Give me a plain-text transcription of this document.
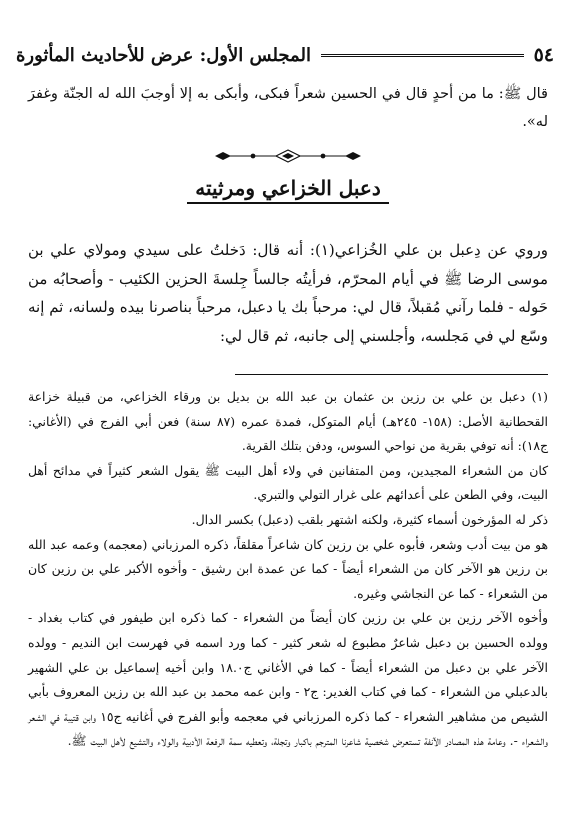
٥٤
المجلس الأول: عرض للأحاديث المأثورة
قال ﷺ: ما من أحدٍ قال في الحسين شعراً فبكى، وأبكى به إلا أوجبَ الله له الجنّة وغفرَ له».
دعبل الخزاعي ومرثيته
وروي عن دِعبل بن علي الخُزاعي(١): أنه قال: دَخلتُ على سيدي ومولاي علي بن موسى الرضا ﷺ في أيام المحرّم، فرأيتُه جالساً جِلسةَ الحزين الكئيب - وأصحابُه من حَوله - فلما رآني مُقبلاً، قال لي: مرحباً بك يا دعبل، مرحباً بناصرنا بيده ولسانه، ثم إنه وسّع لي في مَجلسه، وأجلسني إلى جانبه، ثم قال لي:

(١) دعبل بن علي بن رزين بن عثمان بن عبد الله بن بديل بن ورقاء الخزاعي، من قبيلة خزاعة القحطانية الأصل: (١٥٨- ٢٤٥هـ) أيام المتوكل، فمدة عمره (٨٧ سنة) فعن أبي الفرج في (الأغاني: ج١٨): أنه توفي بقرية من نواحي السوس، ودفن بتلك القرية.

كان من الشعراء المجيدين، ومن المتفانين في ولاء أهل البيت ﷺ يقول الشعر كثيراً في مدائح أهل البيت، وفي الطعن على أعدائهم على غرار التولي والتبري.

ذكر له المؤرخون أسماء كثيرة، ولكنه اشتهر بلقب (دعبل) بكسر الدال.

هو من بيت أدب وشعر، فأبوه علي بن رزين كان شاعراً مقلقاً، ذكره المرزباني (معجمه) وعمه عبد الله بن رزين هو الآخر كان من الشعراء أيضاً - كما عن عمدة ابن رشيق - وأخوه الأكبر علي بن رزين كان من الشعراء - كما عن النجاشي وغيره.

وأخوه الآخر رزين بن علي بن رزين كان أيضاً من الشعراء - كما ذكره ابن طيفور في كتاب بغداد - وولده الحسين بن دعبل شاعرٌ مطبوع له شعر كثير - كما ورد اسمه في فهرست ابن النديم - وولده الآخر علي بن دعبل من الشعراء أيضاً - كما في الأغاني ج١٨.٠ وابن أخيه إسماعيل بن علي الشهير بالدعبلي من الشعراء - كما في كتاب الغدير: ج٢ - وابن عمه محمد بن عبد الله بن رزين المعروف بأبي الشيص من مشاهير الشعراء - كما ذكره المرزباني في معجمه وأبو الفرج في أغانيه ج١٥ وابن قتيبة في الشعر والشعراء -. وعامة هذه المصادر الآنفة تستعرض شخصية شاعرنا المترجم باكبار وتجلة، وتعطيه سمة الرفعة الأدبية والولاء والتشيع لأهل البيت ﷺ.
